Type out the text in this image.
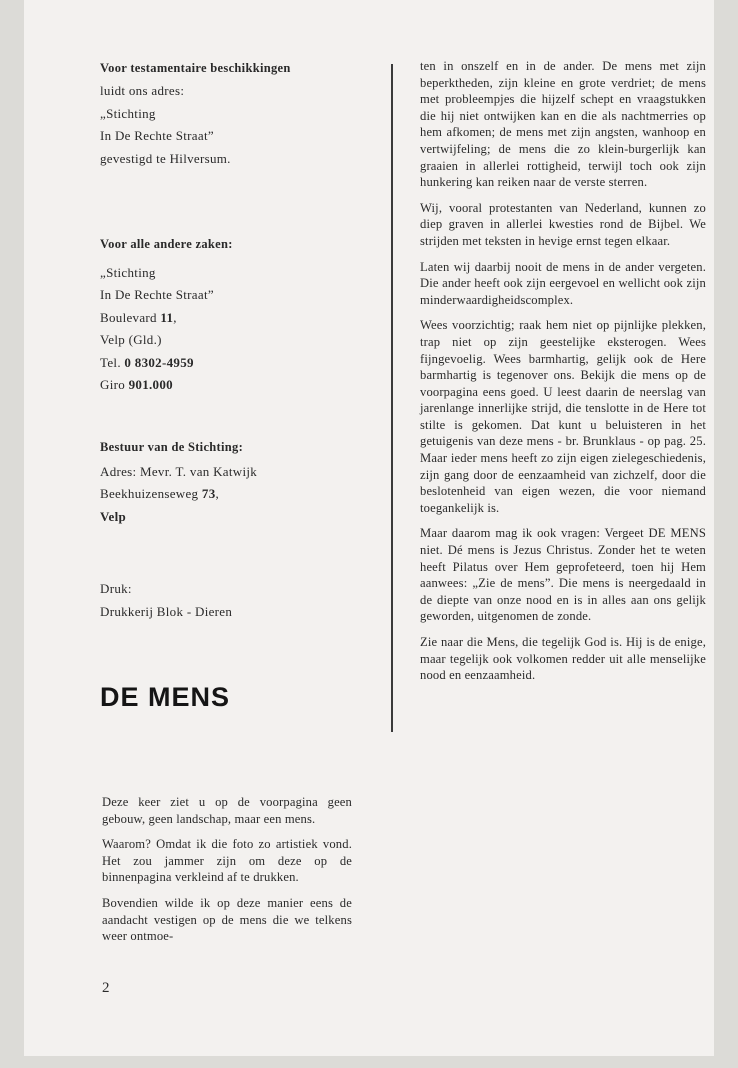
Voor testamentaire beschikkingen

luidt ons adres:

„Stichting

In De Rechte Straat”

gevestigd te Hilversum.

Voor alle andere zaken:

„Stichting

In De Rechte Straat”

Boulevard 11,

Velp (Gld.)

Tel. 0 8302-4959

Giro 901.000

Bestuur van de Stichting:

Adres: Mevr. T. van Katwijk

Beekhuizenseweg 73,

Velp

Druk:

Drukkerij Blok - Dieren

DE MENS

Deze keer ziet u op de voorpagina geen gebouw, geen landschap, maar een mens.

Waarom? Omdat ik die foto zo artistiek vond. Het zou jammer zijn om deze op de binnenpagina verkleind af te drukken.

Bovendien wilde ik op deze manier eens de aandacht vestigen op de mens die we telkens weer ontmoe-

2

ten in onszelf en in de ander. De mens met zijn beperktheden, zijn kleine en grote verdriet; de mens met probleempjes die hijzelf schept en vraagstukken die hij niet ontwijken kan en die als nachtmerries op hem afkomen; de mens met zijn angsten, wanhoop en vertwijfeling; de mens die zo klein-burgerlijk kan graaien in allerlei rottigheid, terwijl toch ook zijn hunkering kan reiken naar de verste sterren.

Wij, vooral protestanten van Nederland, kunnen zo diep graven in allerlei kwesties rond de Bijbel. We strijden met teksten in hevige ernst tegen elkaar.

Laten wij daarbij nooit de mens in de ander vergeten. Die ander heeft ook zijn eergevoel en wellicht ook zijn minderwaardigheidscomplex.

Wees voorzichtig; raak hem niet op pijnlijke plekken, trap niet op zijn geestelijke eksterogen. Wees fijngevoelig. Wees barmhartig, gelijk ook de Here barmhartig is tegenover ons. Bekijk die mens op de voorpagina eens goed. U leest daarin de neerslag van jarenlange innerlijke strijd, die tenslotte in de Here tot stilte is gekomen. Dat kunt u beluisteren in het getuigenis van deze mens - br. Brunklaus - op pag. 25. Maar ieder mens heeft zo zijn eigen zielegeschiedenis, zijn gang door de eenzaamheid van zichzelf, door die beslotenheid van eigen wezen, die voor niemand toegankelijk is.

Maar daarom mag ik ook vragen: Vergeet DE MENS niet. Dé mens is Jezus Christus. Zonder het te weten heeft Pilatus over Hem geprofeteerd, toen hij Hem aanwees: „Zie de mens”. Die mens is neergedaald in de diepte van onze nood en is in alles aan ons gelijk geworden, uitgenomen de zonde.

Zie naar die Mens, die tegelijk God is. Hij is de enige, maar tegelijk ook volkomen redder uit alle menselijke nood en eenzaamheid.
